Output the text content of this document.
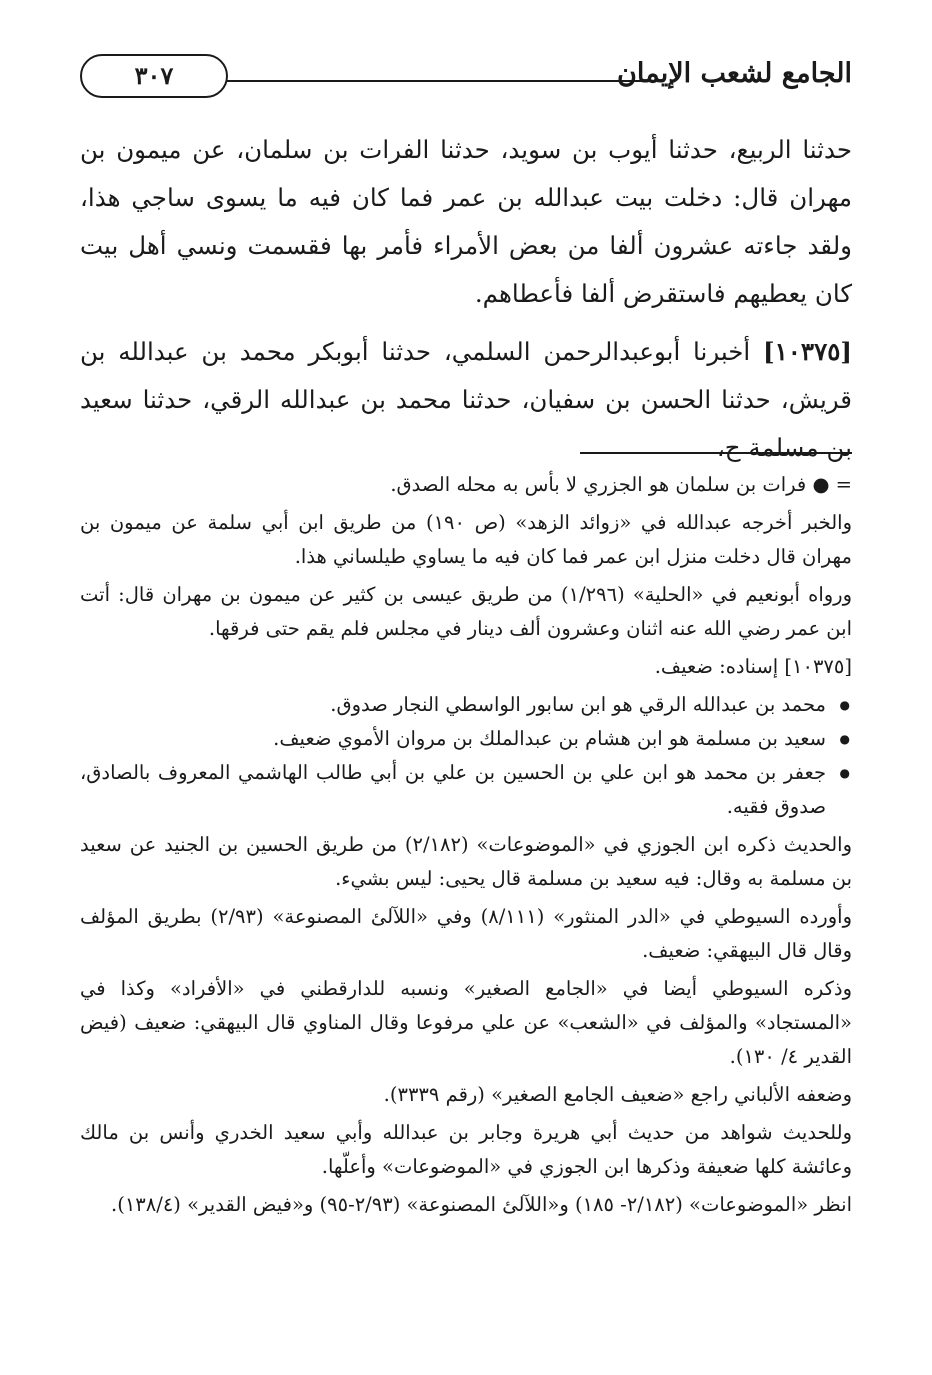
الجامع لشعب الإيمان
٣٠٧

حدثنا الربيع، حدثنا أيوب بن سويد، حدثنا الفرات بن سلمان، عن ميمون بن مهران قال: دخلت بيت عبدالله بن عمر فما كان فيه ما يسوى ساجي هذا، ولقد جاءته عشرون ألفا من بعض الأمراء فأمر بها فقسمت ونسي أهل بيت كان يعطيهم فاستقرض ألفا فأعطاهم.

[١٠٣٧٥] أخبرنا أبوعبدالرحمن السلمي، حدثنا أبوبكر محمد بن عبدالله بن قريش، حدثنا الحسن بن سفيان، حدثنا محمد بن عبدالله الرقي، حدثنا سعيد بن مسلمة ح،

= ● فرات بن سلمان هو الجزري لا بأس به محله الصدق.

والخبر أخرجه عبدالله في «زوائد الزهد» (ص ١٩٠) من طريق ابن أبي سلمة عن ميمون بن مهران قال دخلت منزل ابن عمر فما كان فيه ما يساوي طيلساني هذا.

ورواه أبونعيم في «الحلية» (١/٢٩٦) من طريق عيسى بن كثير عن ميمون بن مهران قال: أتت ابن عمر رضي الله عنه اثنان وعشرون ألف دينار في مجلس فلم يقم حتى فرقها.

[١٠٣٧٥] إسناده: ضعيف.

● محمد بن عبدالله الرقي هو ابن سابور الواسطي النجار صدوق.

● سعيد بن مسلمة هو ابن هشام بن عبدالملك بن مروان الأموي ضعيف.

● جعفر بن محمد هو ابن علي بن الحسين بن علي بن أبي طالب الهاشمي المعروف بالصادق، صدوق فقيه.

والحديث ذكره ابن الجوزي في «الموضوعات» (٢/١٨٢) من طريق الحسين بن الجنيد عن سعيد بن مسلمة به وقال: فيه سعيد بن مسلمة قال يحيى: ليس بشيء.

وأورده السيوطي في «الدر المنثور» (٨/١١١) وفي «اللآلئ المصنوعة» (٢/٩٣) بطريق المؤلف وقال قال البيهقي: ضعيف.

وذكره السيوطي أيضا في «الجامع الصغير» ونسبه للدارقطني في «الأفراد» وكذا في «المستجاد» والمؤلف في «الشعب» عن علي مرفوعا وقال المناوي قال البيهقي: ضعيف (فيض القدير ٤/ ١٣٠).

وضعفه الألباني راجع «ضعيف الجامع الصغير» (رقم ٣٣٣٩).

وللحديث شواهد من حديث أبي هريرة وجابر بن عبدالله وأبي سعيد الخدري وأنس بن مالك وعائشة كلها ضعيفة وذكرها ابن الجوزي في «الموضوعات» وأعلّها.

انظر «الموضوعات» (٢/١٨٢- ١٨٥) و«اللآلئ المصنوعة» (٢/٩٣-٩٥) و«فيض القدير» (١٣٨/٤).
